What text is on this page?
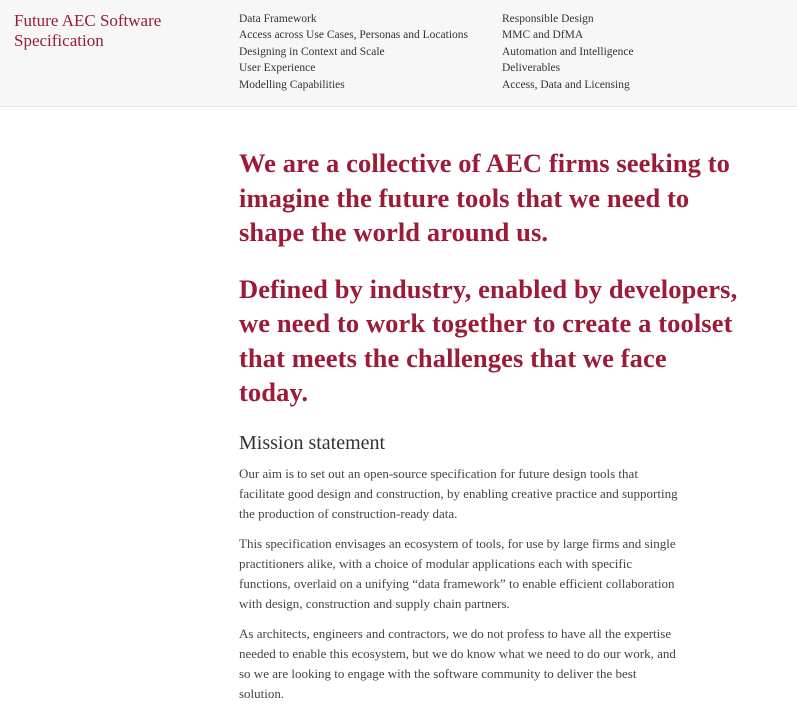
Future AEC Software Specification
Data Framework
Access across Use Cases, Personas and Locations
Designing in Context and Scale
User Experience
Modelling Capabilities
Responsible Design
MMC and DfMA
Automation and Intelligence
Deliverables
Access, Data and Licensing

We are a collective of AEC firms seeking to imagine the future tools that we need to shape the world around us.

Defined by industry, enabled by developers, we need to work together to create a toolset that meets the challenges that we face today.

Mission statement

Our aim is to set out an open-source specification for future design tools that facilitate good design and construction, by enabling creative practice and supporting the production of construction-ready data.

This specification envisages an ecosystem of tools, for use by large firms and single practitioners alike, with a choice of modular applications each with specific functions, overlaid on a unifying “data framework” to enable efficient collaboration with design, construction and supply chain partners.

As architects, engineers and contractors, we do not profess to have all the expertise needed to enable this ecosystem, but we do know what we need to do our work, and so we are looking to engage with the software community to deliver the best solution.
